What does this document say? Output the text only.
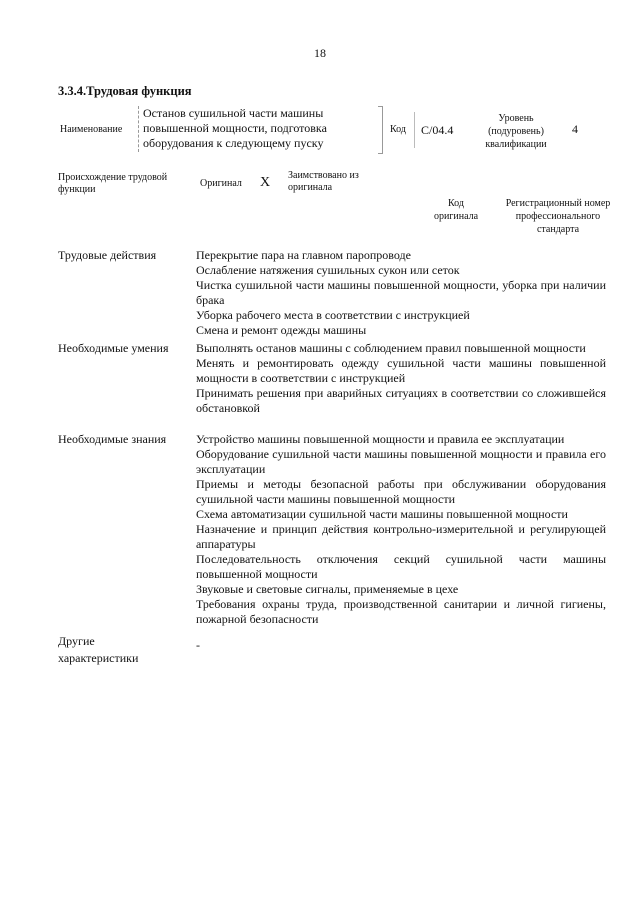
18
3.3.4.Трудовая функция
Наименование
Останов сушильной части машины повышенной мощности, подготовка оборудования к следующему пуску
Код	C/04.4
Уровень (подуровень) квалификации
4
Происхождение трудовой функции
Оригинал X Заимствовано из оригинала
Код оригинала
Регистрационный номер профессионального стандарта
Трудовые действия	Перекрытие пара на главном паропроводе
Ослабление натяжения сушильных сукон или сеток
Чистка сушильной части машины повышенной мощности, уборка при наличии брака
Уборка рабочего места в соответствии с инструкцией
Смена и ремонт одежды машины
Необходимые умения Выполнять останов машины с соблюдением правил повышенной мощности
Менять и ремонтировать одежду сушильной части машины повышенной мощности в соответствии с инструкцией
Принимать решения при аварийных ситуациях в соответствии со сложившейся обстановкой
Необходимые знания Устройство машины повышенной мощности и правила ее эксплуатации
Оборудование сушильной части машины повышенной мощности и правила его эксплуатации
Приемы и методы безопасной работы при обслуживании оборудования сушильной части машины повышенной мощности
Схема автоматизации сушильной части машины повышенной мощности
Назначение и принцип действия контрольно-измерительной и регулирующей аппаратуры
Последовательность отключения секций сушильной части машины повышенной мощности
Звуковые и световые сигналы, применяемые в цехе
Требования охраны труда, производственной санитарии и личной гигиены, пожарной безопасности
Другие характеристики
-
